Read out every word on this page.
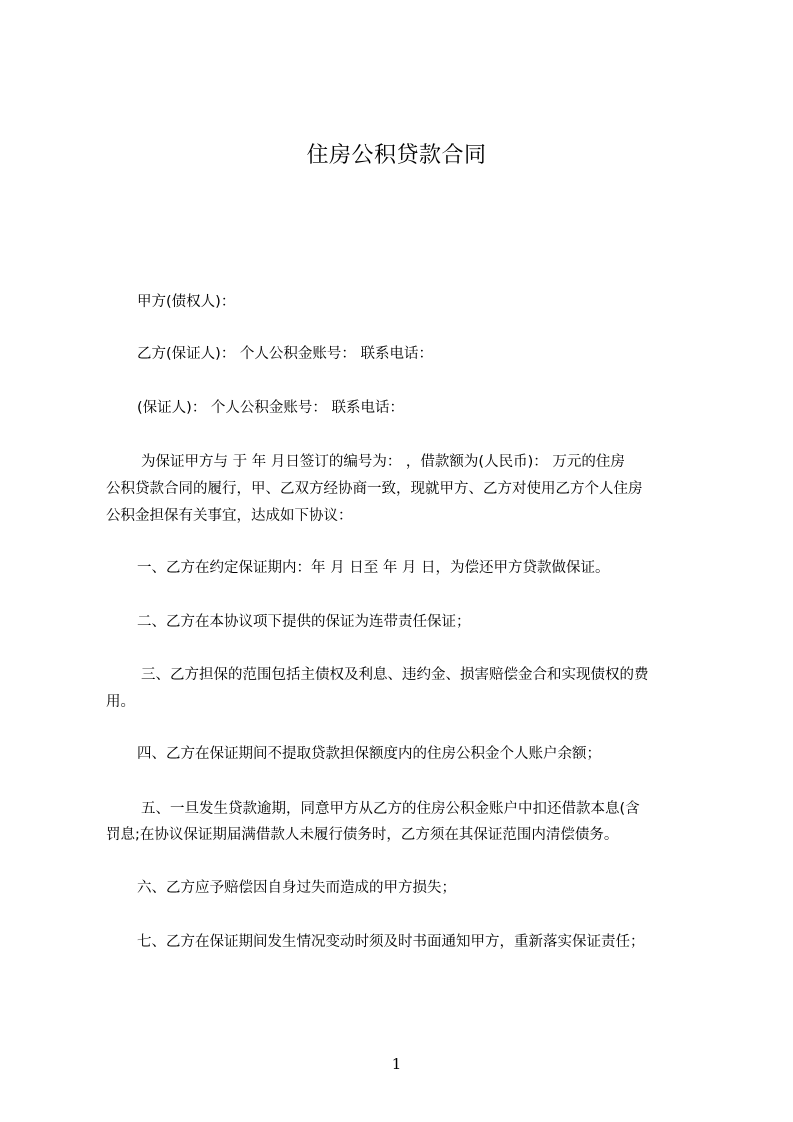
住房公积贷款合同
甲方(债权人)：
乙方(保证人)： 个人公积金账号： 联系电话：
(保证人)： 个人公积金账号： 联系电话：
为保证甲方与 于 年 月日签订的编号为： ，借款额为(人民币)： 万元的住房
公积贷款合同的履行，甲、乙双方经协商一致，现就甲方、乙方对使用乙方个人住房
公积金担保有关事宜，达成如下协议：
一、乙方在约定保证期内：年 月 日至 年 月 日，为偿还甲方贷款做保证。
二、乙方在本协议项下提供的保证为连带责任保证；
三、乙方担保的范围包括主债权及利息、违约金、损害赔偿金合和实现债权的费
用。
四、乙方在保证期间不提取贷款担保额度内的住房公积金个人账户余额；
五、一旦发生贷款逾期，同意甲方从乙方的住房公积金账户中扣还借款本息(含
罚息;在协议保证期届满借款人未履行债务时，乙方须在其保证范围内清偿债务。
六、乙方应予赔偿因自身过失而造成的甲方损失；
七、乙方在保证期间发生情况变动时须及时书面通知甲方，重新落实保证责任；
1
